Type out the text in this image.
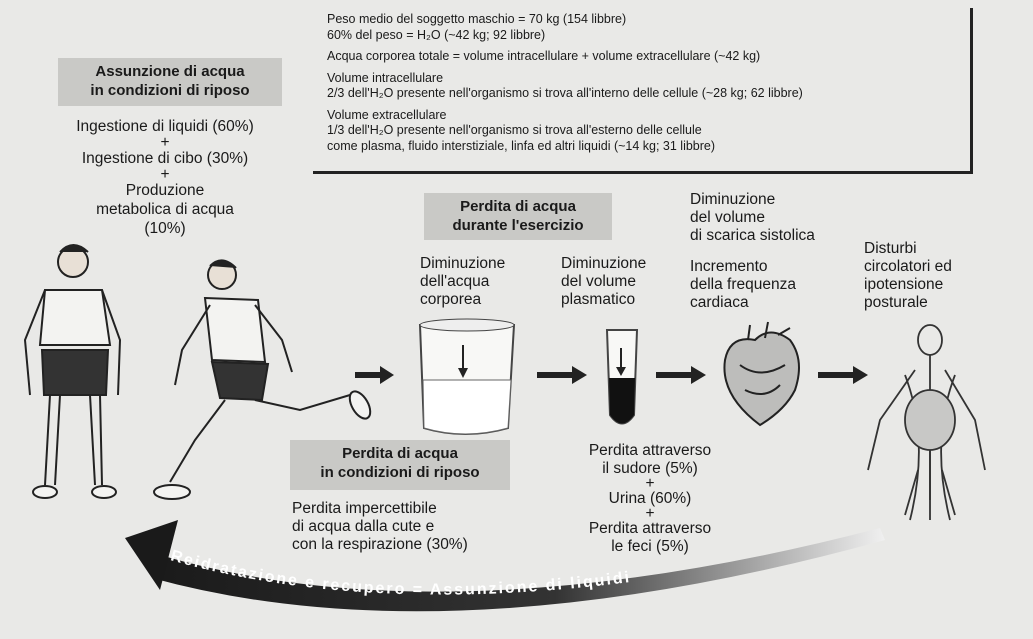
Peso medio del soggetto maschio = 70 kg (154 libbre)
60% del peso = H₂O (~42 kg; 92 libbre)

Acqua corporea totale = volume intracellulare + volume extracellulare (~42 kg)

Volume intracellulare
2/3 dell'H₂O presente nell'organismo si trova all'interno delle cellule (~28 kg; 62 libbre)

Volume extracellulare
1/3 dell'H₂O presente nell'organismo si trova all'esterno delle cellule
come plasma, fluido interstiziale, linfa ed altri liquidi (~14 kg; 31 libbre)

Assunzione di acqua
in condizioni di riposo
Ingestione di liquidi (60%)
+
Ingestione di cibo (30%)
+
Produzione
metabolica di acqua
(10%)
Perdita di acqua
durante l'esercizio
Diminuzione
dell'acqua
corporea
Diminuzione
del volume
plasmatico
Diminuzione
del volume
di scarica sistolica
Incremento
della frequenza
cardiaca
Disturbi
circolatori ed
ipotensione
posturale
Reidratazione e recupero = Assunzione di liquidi
Perdita di acqua
in condizioni di riposo
Perdita impercettibile
di acqua dalla cute e
con la respirazione (30%)
Perdita attraverso
il sudore (5%)
+
Urina (60%)
+
Perdita attraverso
le feci (5%)
